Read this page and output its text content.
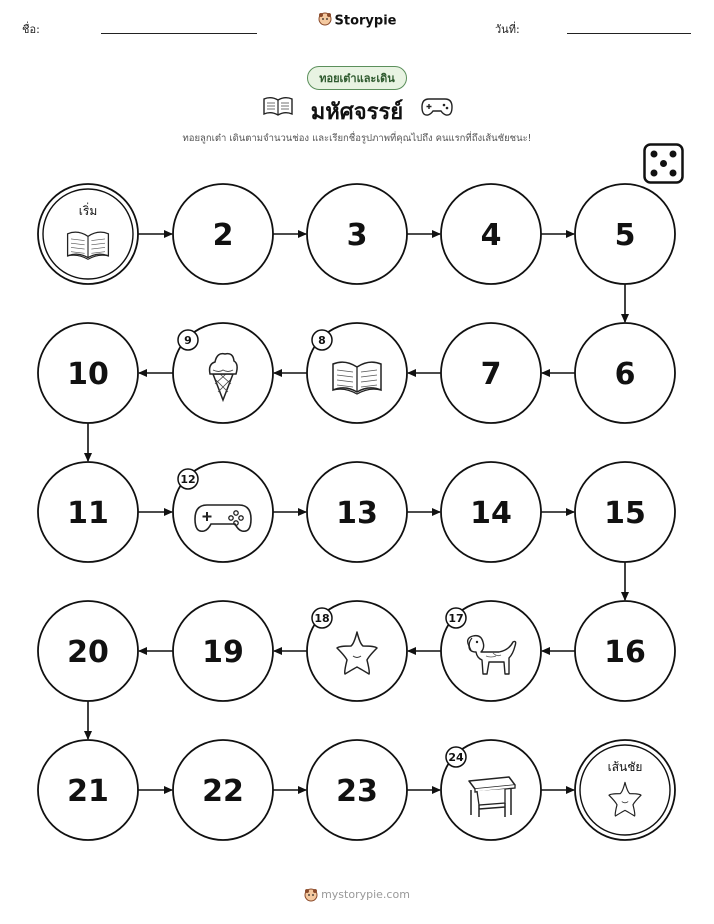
ชื่อ:
Storypie
วันที่:
ทอยเต๋าและเดิน
มหัศจรรย์
ทอยลูกเต๋า เดินตามจำนวนช่อง และเรียกชื่อรูปภาพที่คุณไปถึง คนแรกที่ถึงเส้นชัยชนะ!
เริ่ม
2	3	4	5
6
7
8
9
10
11
12
13	14	15
16
17
18
19
20
21	22	23
24
เส้นชัย
mystorypie.com
